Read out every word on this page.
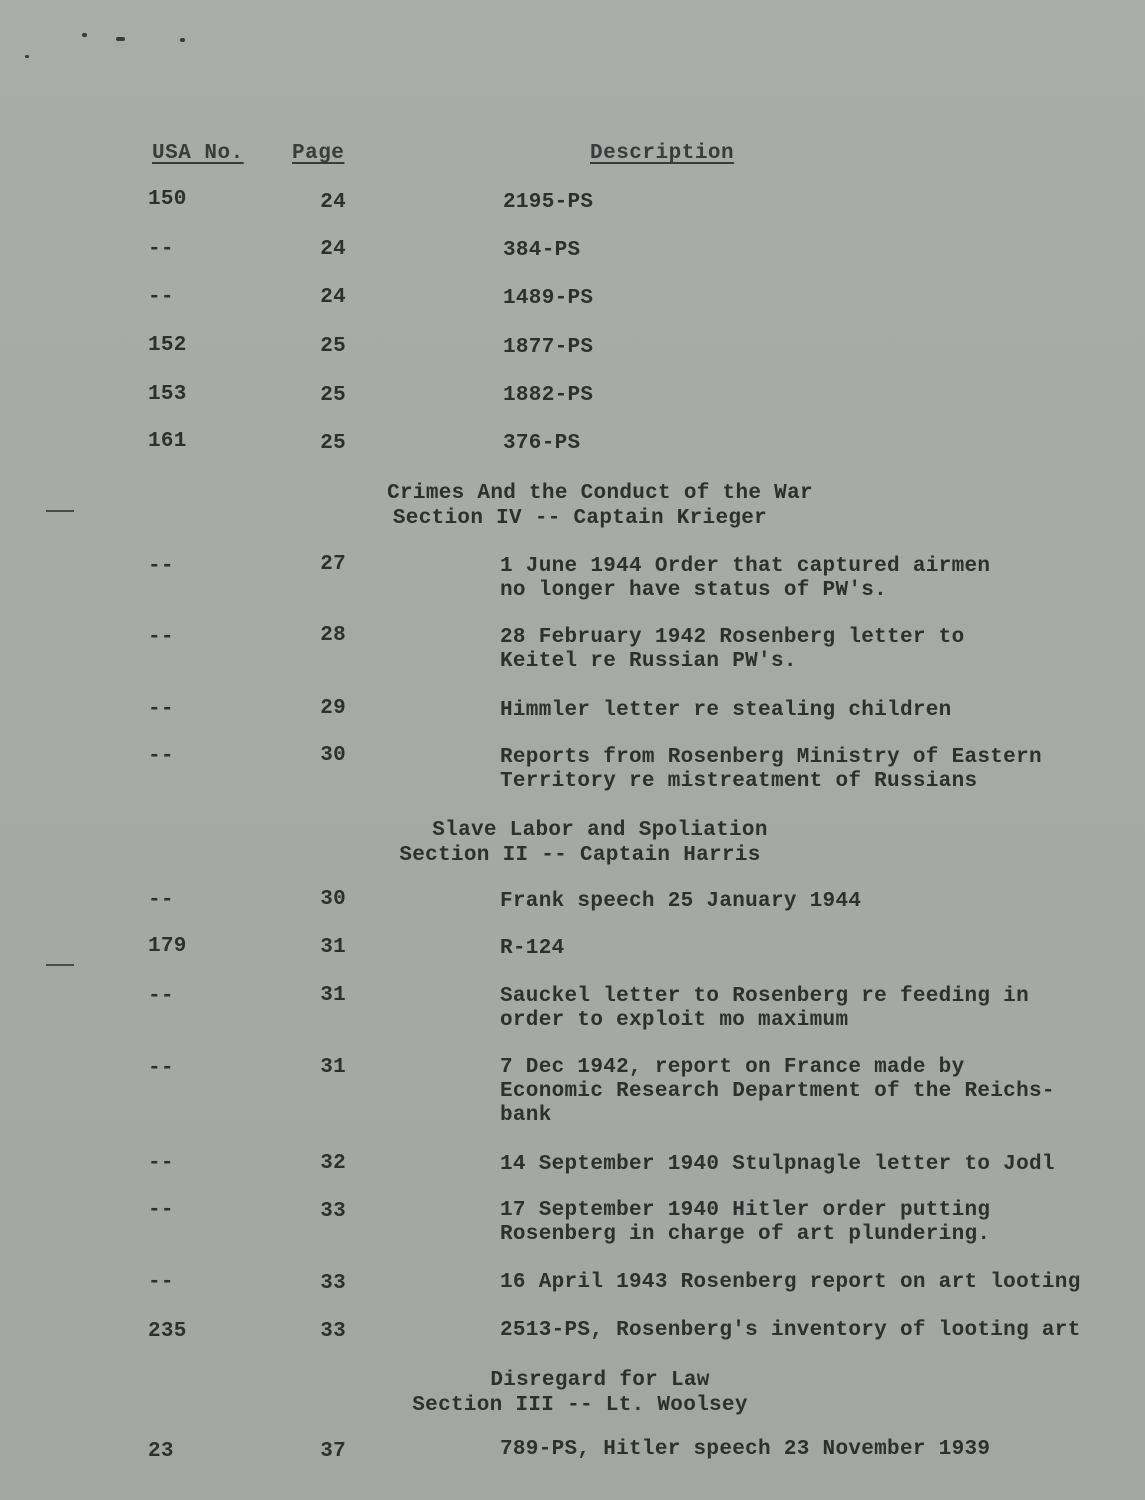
USA No. Page	Description
150	24	2195-PS
--	24	384-PS
--	24	1489-PS
152	25	1877-PS
153	25	1882-PS
161	25	376-PS
Crimes And the Conduct of the War
Section IV -- Captain Krieger
--	27	1 June 1944 Order that captured airmen
no longer have status of PW's.
--	28	28 February 1942 Rosenberg letter to
Keitel re Russian PW's.
--	29	Himmler letter re stealing children
--	30	Reports from Rosenberg Ministry of Eastern
Territory re mistreatment of Russians
Slave Labor and Spoliation
Section II -- Captain Harris
--	30	Frank speech 25 January 1944
179	31	R-124
--	31	Sauckel letter to Rosenberg re feeding in
order to exploit mo maximum
--	31	7 Dec 1942, report on France made by
Economic Research Department of the Reichs-
bank
--	32	14 September 1940 Stulpnagle letter to Jodl
--	33	17 September 1940 Hitler order putting
Rosenberg in charge of art plundering.
--	33	16 April 1943 Rosenberg report on art looting
235	33	2513-PS, Rosenberg's inventory of looting art
Disregard for Law
Section III -- Lt. Woolsey
23	37	789-PS, Hitler speech 23 November 1939
